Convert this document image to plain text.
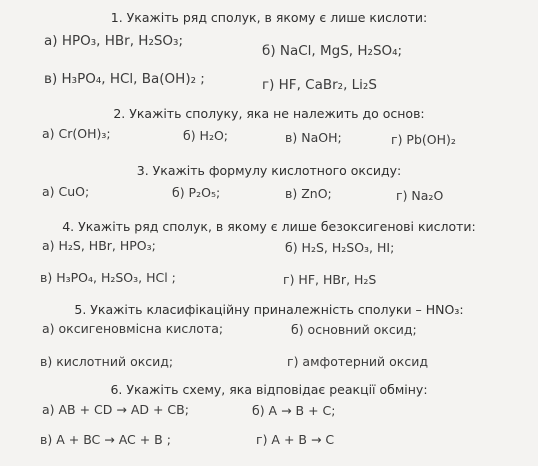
1. Укажіть ряд сполук, в якому є лише кислоти:
а) HPO₃, HBr, H₂SO₃;
б) NaCl, MgS, H₂SO₄;
в) H₃PO₄, HCl, Ba(OH)₂ ;	г) HF, CaBr₂, Li₂S
2. Укажіть сполуку, яка не належить до основ:
а) Cr(OH)₃;	б) H₂O;	в) NaOH;	г) Pb(OH)₂
3. Укажіть формулу кислотного оксиду:
а) CuO;	б) P₂O₅;	в) ZnO;	г) Na₂O
4. Укажіть ряд сполук, в якому є лише безоксигенові кислоти:
а) H₂S, HBr, HPO₃;	б) H₂S, H₂SO₃, HI;
в) H₃PO₄, H₂SO₃, HCl ;	г) HF, HBr, H₂S
5. Укажіть класифікаційну приналежність сполуки – HNO₃:
а) оксигеновмісна кислота;	б) основний оксид;
в) кислотний оксид;	г) амфотерний оксид
6. Укажіть схему, яка відповідає реакції обміну:
а) AB + CD → AD + CB;	б) A → B + C;
в) A + BC → AC + B ;	г) A + B → C
